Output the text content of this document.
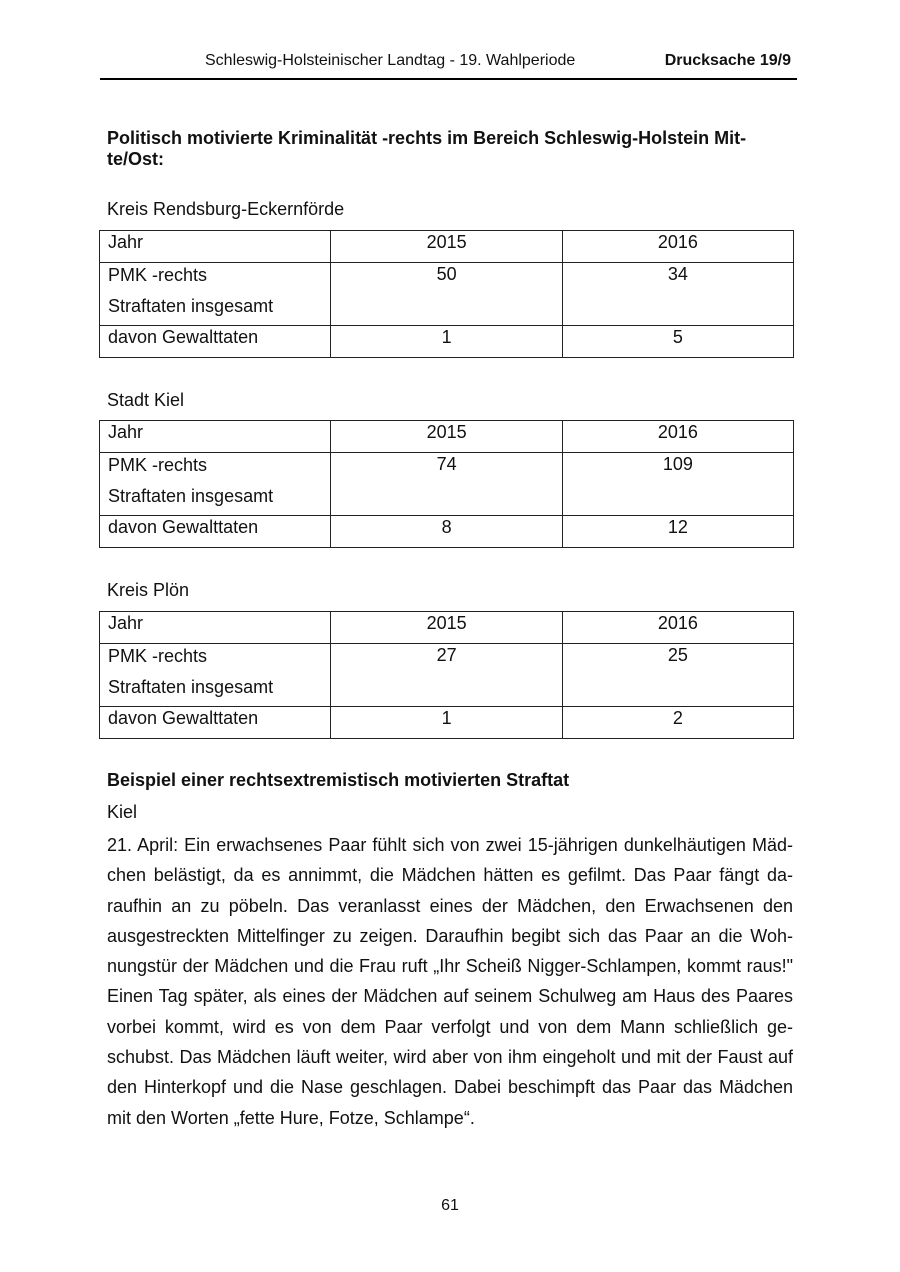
Schleswig-Holsteinischer Landtag - 19. Wahlperiode	Drucksache 19/9
Politisch motivierte Kriminalität -rechts im Bereich Schleswig-Holstein Mitte/Ost:
Kreis Rendsburg-Eckernförde
Jahr	2015	2016

PMK -rechts
Straftaten insgesamt	50	34
davon Gewalttaten	1	5
Stadt Kiel
Jahr	2015	2016

PMK -rechts
Straftaten insgesamt	74	109
davon Gewalttaten	8	12
Kreis Plön
Jahr	2015	2016

PMK -rechts
Straftaten insgesamt	27	25
davon Gewalttaten	1	2
Beispiel einer rechtsextremistisch motivierten Straftat
Kiel
21. April: Ein erwachsenes Paar fühlt sich von zwei 15-jährigen dunkelhäutigen Mädchen belästigt, da es annimmt, die Mädchen hätten es gefilmt. Das Paar fängt daraufhin an zu pöbeln. Das veranlasst eines der Mädchen, den Erwachsenen den ausgestreckten Mittelfinger zu zeigen. Daraufhin begibt sich das Paar an die Wohnungstür der Mädchen und die Frau ruft „Ihr Scheiß Nigger-Schlampen, kommt raus!" Einen Tag später, als eines der Mädchen auf seinem Schulweg am Haus des Paares vorbei kommt, wird es von dem Paar verfolgt und von dem Mann schließlich geschubst. Das Mädchen läuft weiter, wird aber von ihm eingeholt und mit der Faust auf den Hinterkopf und die Nase geschlagen. Dabei beschimpft das Paar das Mädchen mit den Worten „fette Hure, Fotze, Schlampe“.
61
